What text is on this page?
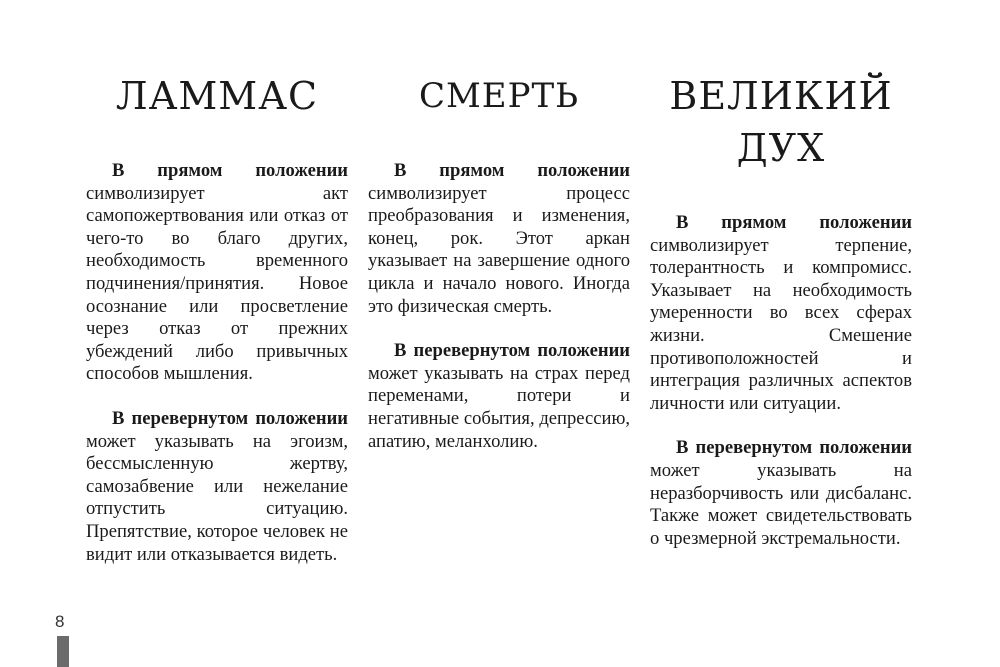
ЛАММАС	СМЕРТЬ	ВЕЛИКИЙ ДУХ

В прямом положении символизирует акт самопожертвования или отказ от чего-то во благо других, необходимость временного подчинения/принятия. Новое осознание или просветление через отказ от прежних убеждений либо привычных способов мышления.

В перевернутом положении может указывать на эгоизм, бессмысленную жертву, самозабвение или нежелание отпустить ситуацию. Препятствие, которое человек не видит или отказывается видеть.

В прямом положении символизирует процесс преобразования и изменения, конец, рок. Этот аркан указывает на завершение одного цикла и начало нового. Иногда это физическая смерть.

В перевернутом положении может указывать на страх перед переменами, потери и негативные события, депрессию, апатию, меланхолию.

В прямом положении символизирует терпение, толерантность и компромисс. Указывает на необходимость умеренности во всех сферах жизни. Смешение противоположностей и интеграция различных аспектов личности или ситуации.

В перевернутом положении может указывать на неразборчивость или дисбаланс. Также может свидетельствовать о чрезмерной экстремальности.

8
